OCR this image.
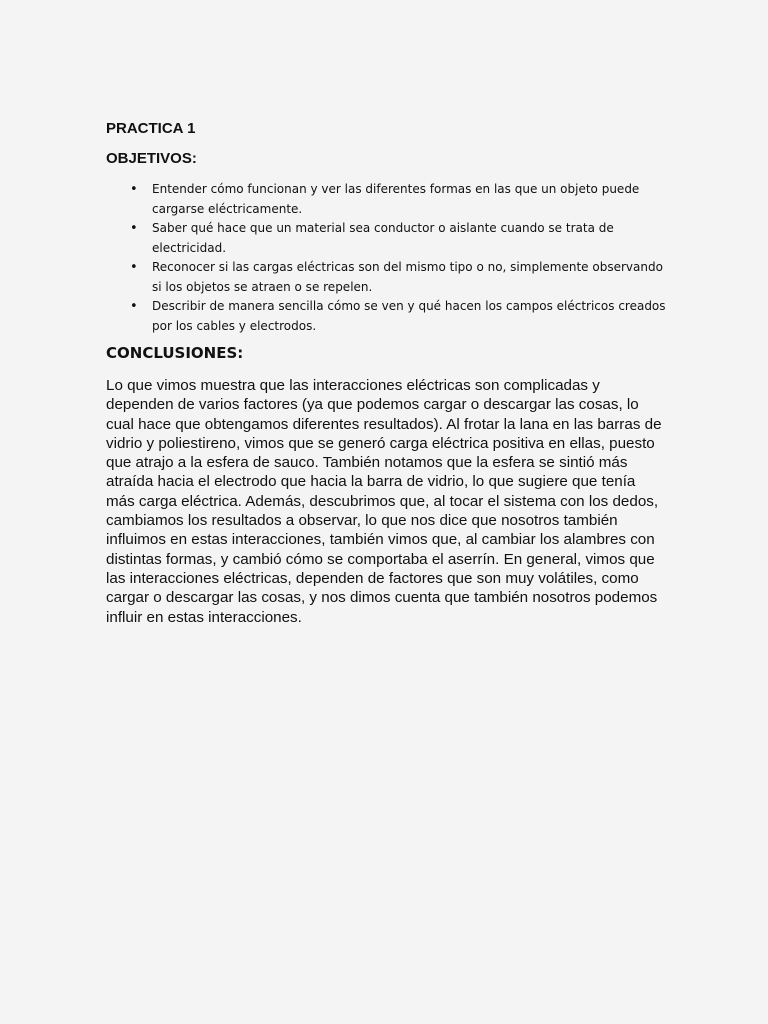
PRACTICA 1
OBJETIVOS:
• Entender cómo funcionan y ver las diferentes formas en las que un objeto puede cargarse eléctricamente.
• Saber qué hace que un material sea conductor o aislante cuando se trata de electricidad.
• Reconocer si las cargas eléctricas son del mismo tipo o no, simplemente observando si los objetos se atraen o se repelen.
• Describir de manera sencilla cómo se ven y qué hacen los campos eléctricos creados por los cables y electrodos.
CONCLUSIONES:

Lo que vimos muestra que las interacciones eléctricas son complicadas y dependen de varios factores (ya que podemos cargar o descargar las cosas, lo cual hace que obtengamos diferentes resultados). Al frotar la lana en las barras de vidrio y poliestireno, vimos que se generó carga eléctrica positiva en ellas, puesto que atrajo a la esfera de sauco. También notamos que la esfera se sintió más atraída hacia el electrodo que hacia la barra de vidrio, lo que sugiere que tenía más carga eléctrica. Además, descubrimos que, al tocar el sistema con los dedos, cambiamos los resultados a observar, lo que nos dice que nosotros también influimos en estas interacciones, también vimos que, al cambiar los alambres con distintas formas, y cambió cómo se comportaba el aserrín. En general, vimos que las interacciones eléctricas, dependen de factores que son muy volátiles, como cargar o descargar las cosas, y nos dimos cuenta que también nosotros podemos influir en estas interacciones.
